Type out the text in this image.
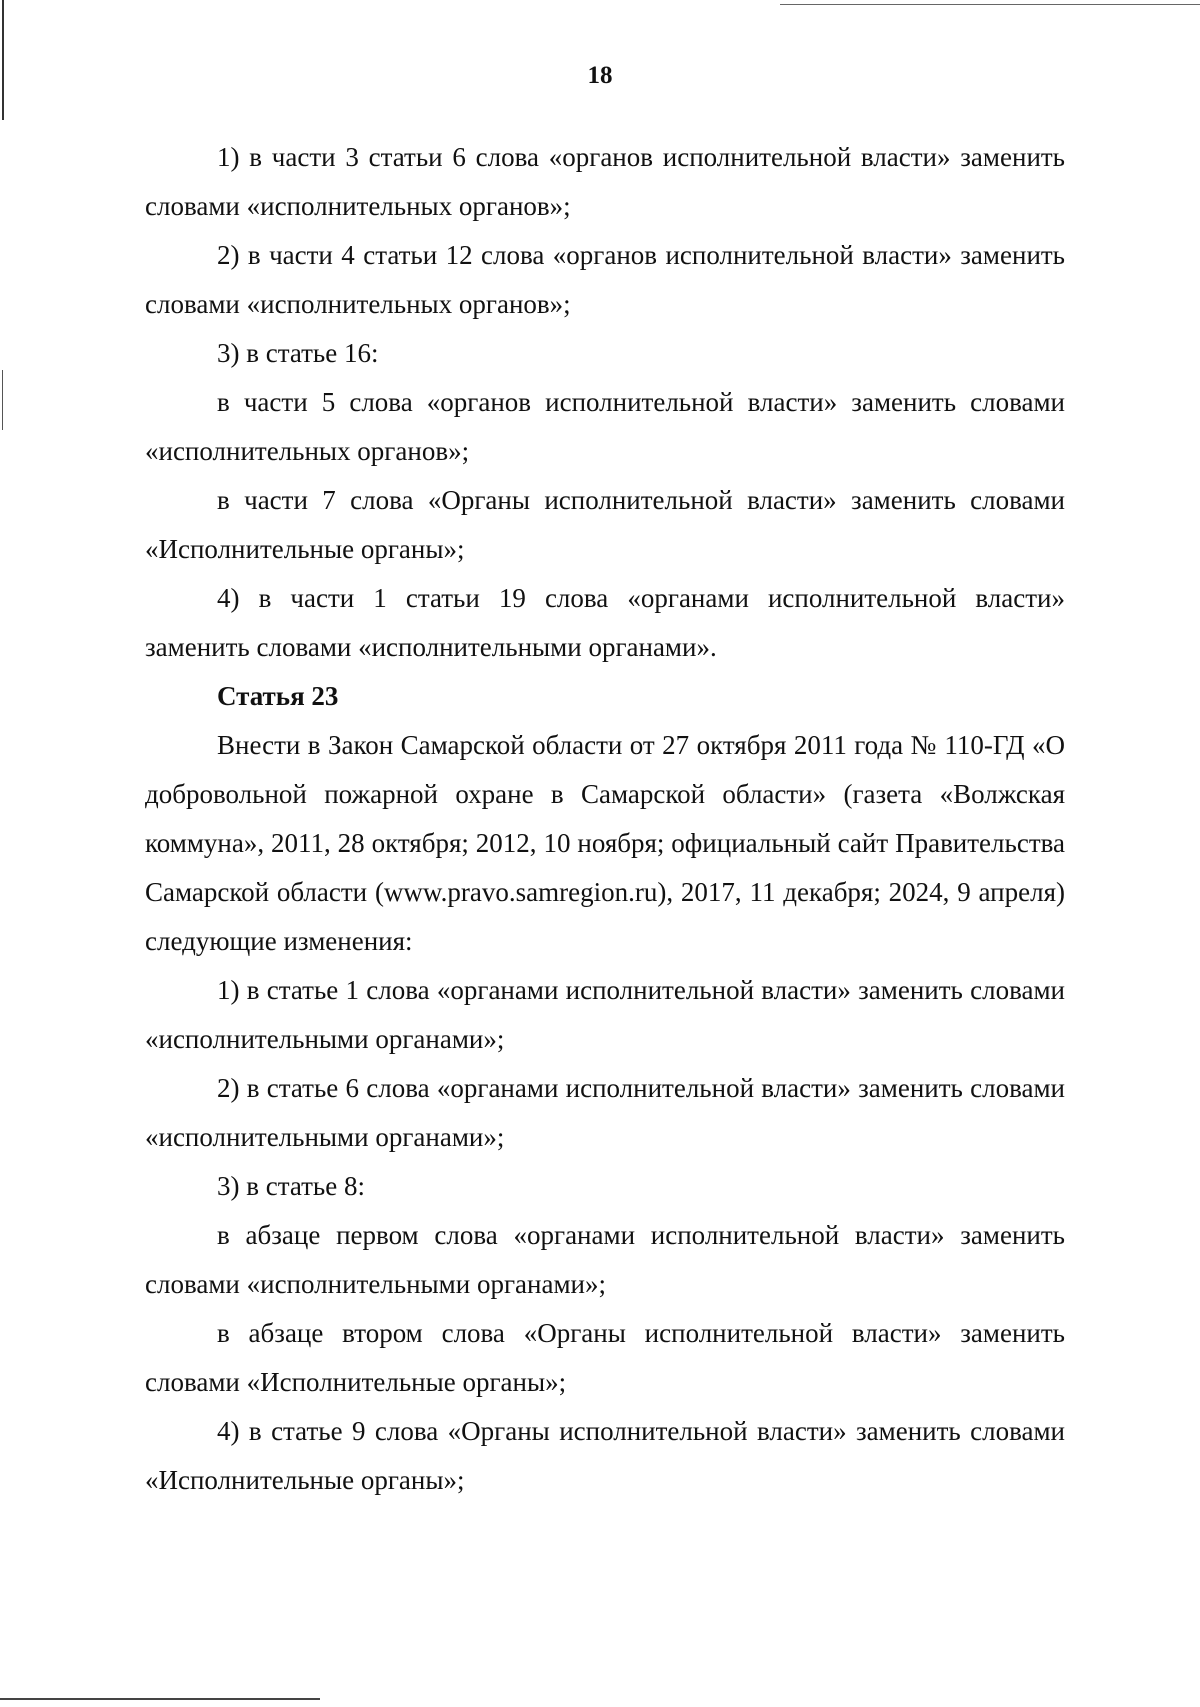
18

1) в части 3 статьи 6 слова «органов исполнительной власти» заменить словами «исполнительных органов»;

2) в части 4 статьи 12 слова «органов исполнительной власти» заменить словами «исполнительных органов»;

3) в статье 16:

в части 5 слова «органов исполнительной власти» заменить словами «исполнительных органов»;

в части 7 слова «Органы исполнительной власти» заменить словами «Исполнительные органы»;

4) в части 1 статьи 19 слова «органами исполнительной власти» заменить словами «исполнительными органами».

Статья 23

Внести в Закон Самарской области от 27 октября 2011 года № 110-ГД «О добровольной пожарной охране в Самарской области» (газета «Волжская коммуна», 2011, 28 октября; 2012, 10 ноября; официальный сайт Правительства Самарской области (www.pravo.samregion.ru), 2017, 11 декабря; 2024, 9 апреля) следующие изменения:

1) в статье 1 слова «органами исполнительной власти» заменить словами «исполнительными органами»;

2) в статье 6 слова «органами исполнительной власти» заменить словами «исполнительными органами»;

3) в статье 8:

в абзаце первом слова «органами исполнительной власти» заменить словами «исполнительными органами»;

в абзаце втором слова «Органы исполнительной власти» заменить словами «Исполнительные органы»;

4) в статье 9 слова «Органы исполнительной власти» заменить словами «Исполнительные органы»;
